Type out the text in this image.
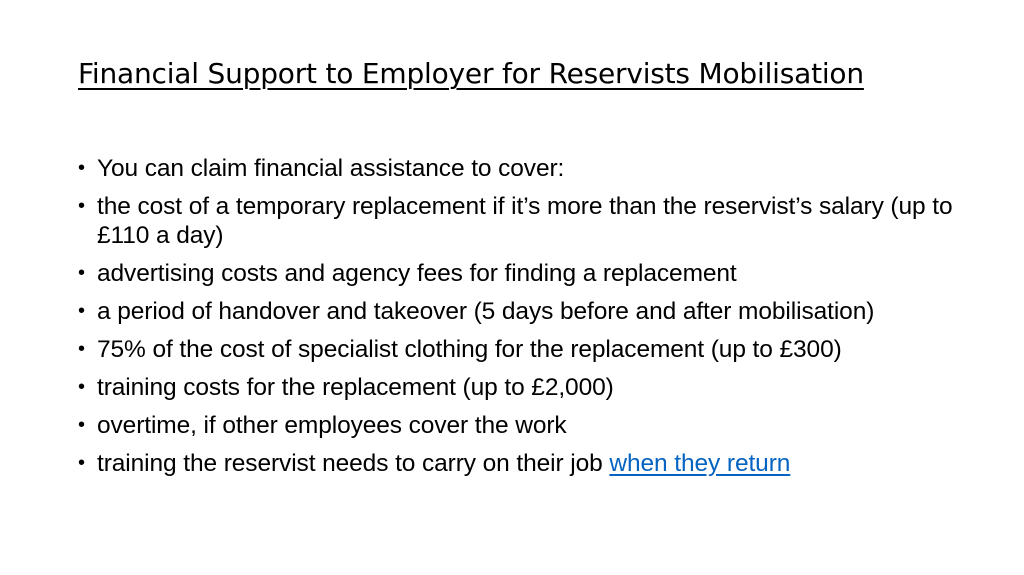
Financial Support to Employer for Reservists Mobilisation
• You can claim financial assistance to cover:
• the cost of a temporary replacement if it’s more than the reservist’s salary (up to £110 a day)
• advertising costs and agency fees for finding a replacement
• a period of handover and takeover (5 days before and after mobilisation)
• 75% of the cost of specialist clothing for the replacement (up to £300)
• training costs for the replacement (up to £2,000)
• overtime, if other employees cover the work
• training the reservist needs to carry on their job when they return
